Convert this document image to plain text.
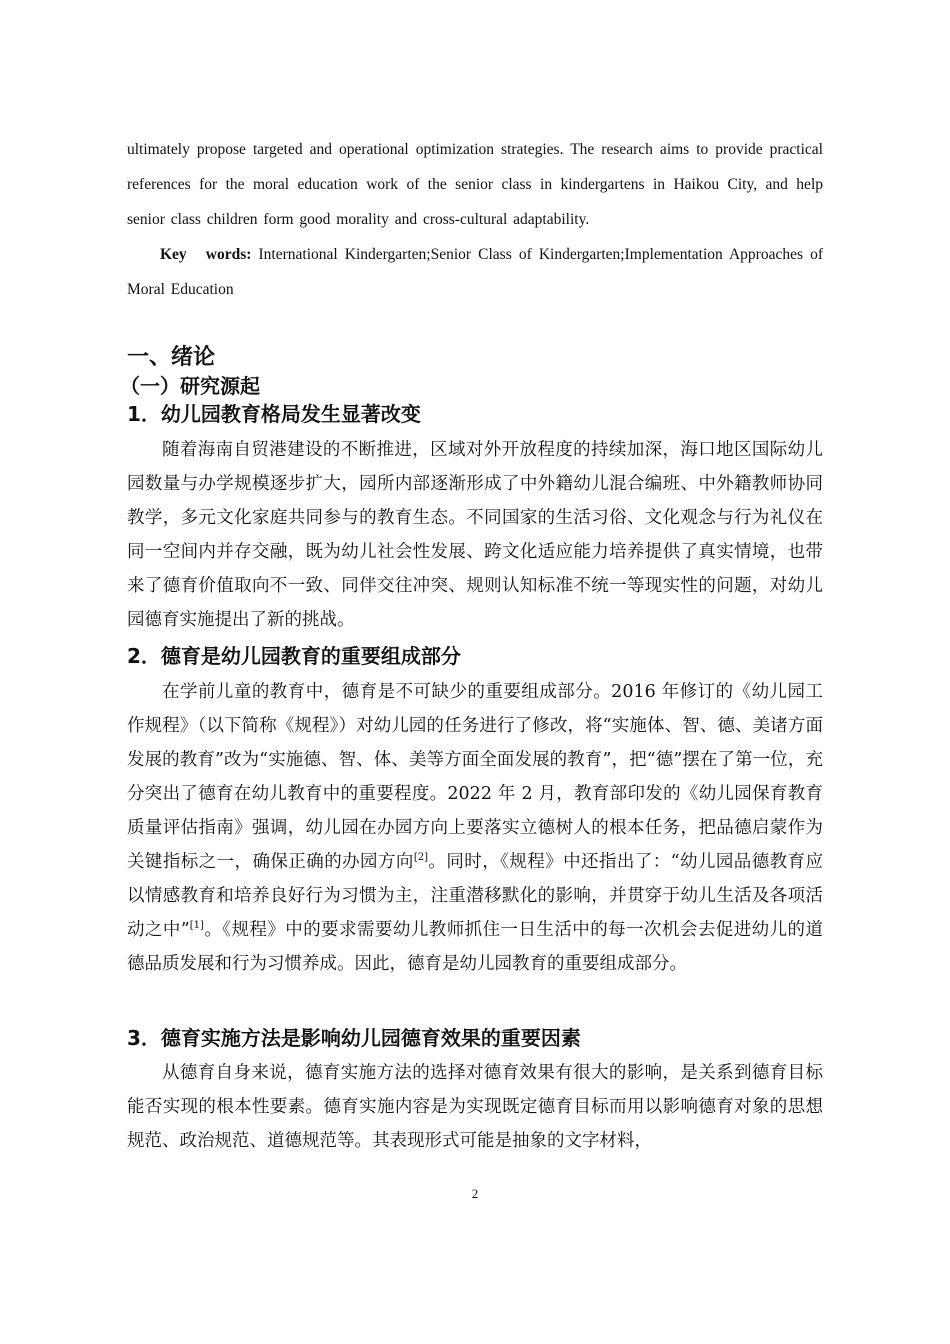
ultimately propose targeted and operational optimization strategies. The research aims to provide practical references for the moral education work of the senior class in kindergartens in Haikou City, and help senior class children form good morality and cross-cultural adaptability.

Key words: International Kindergarten;Senior Class of Kindergarten;Implementation Approaches of Moral Education

一、绪论
（一）研究源起
1．幼儿园教育格局发生显著改变

随着海南自贸港建设的不断推进，区域对外开放程度的持续加深，海口地区国际幼儿园数量与办学规模逐步扩大，园所内部逐渐形成了中外籍幼儿混合编班、中外籍教师协同教学，多元文化家庭共同参与的教育生态。不同国家的生活习俗、文化观念与行为礼仪在同一空间内并存交融，既为幼儿社会性发展、跨文化适应能力培养提供了真实情境，也带来了德育价值取向不一致、同伴交往冲突、规则认知标准不统一等现实性的问题，对幼儿园德育实施提出了新的挑战。

2．德育是幼儿园教育的重要组成部分

在学前儿童的教育中，德育是不可缺少的重要组成部分。2016 年修订的《幼儿园工作规程》（以下简称《规程》）对幼儿园的任务进行了修改，将“实施体、智、德、美诸方面发展的教育”改为“实施德、智、体、美等方面全面发展的教育”，把“德”摆在了第一位，充分突出了德育在幼儿教育中的重要程度。2022 年 2 月，教育部印发的《幼儿园保育教育质量评估指南》强调，幼儿园在办园方向上要落实立德树人的根本任务，把品德启蒙作为关键指标之一，确保正确的办园方向[2]。同时，《规程》中还指出了：“幼儿园品德教育应以情感教育和培养良好行为习惯为主，注重潜移默化的影响，并贯穿于幼儿生活及各项活动之中”[1]。《规程》中的要求需要幼儿教师抓住一日生活中的每一次机会去促进幼儿的道德品质发展和行为习惯养成。因此，德育是幼儿园教育的重要组成部分。

3．德育实施方法是影响幼儿园德育效果的重要因素

从德育自身来说，德育实施方法的选择对德育效果有很大的影响，是关系到德育目标能否实现的根本性要素。德育实施内容是为实现既定德育目标而用以影响德育对象的思想规范、政治规范、道德规范等。其表现形式可能是抽象的文字材料，

2
